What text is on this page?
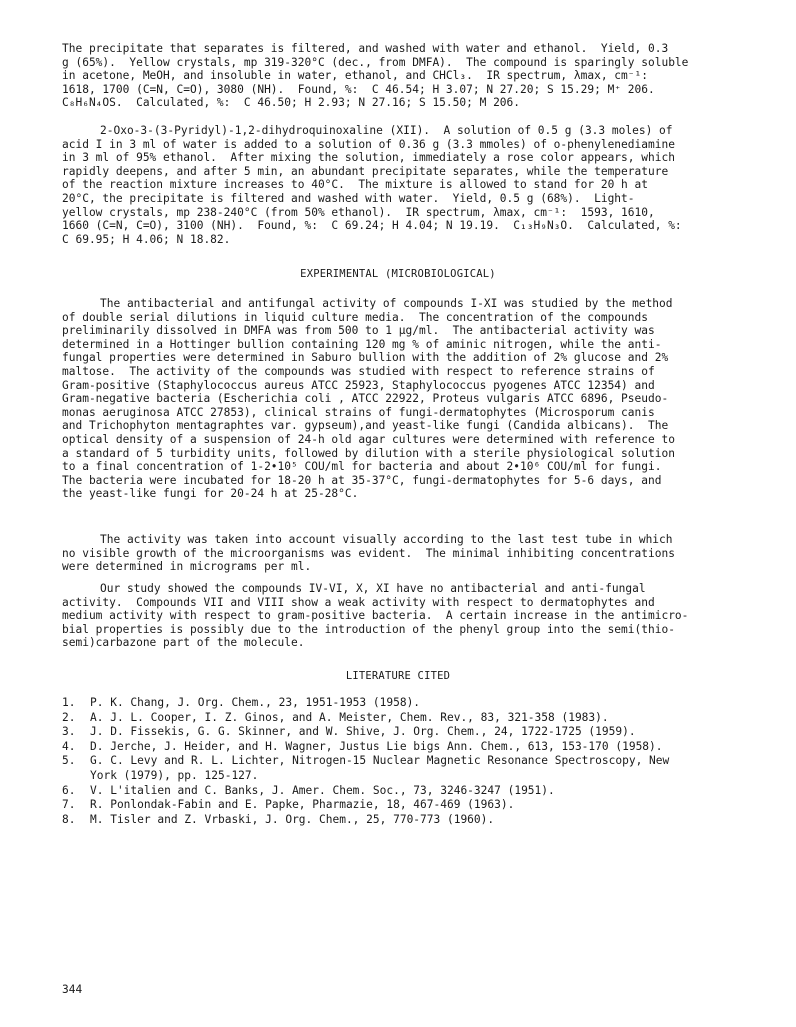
The precipitate that separates is filtered, and washed with water and ethanol.  Yield, 0.3
g (65%).  Yellow crystals, mp 319-320°C (dec., from DMFA).  The compound is sparingly soluble
in acetone, MeOH, and insoluble in water, ethanol, and CHCl₃.  IR spectrum, λmax, cm⁻¹:
1618, 1700 (C=N, C=O), 3080 (NH).  Found, %:  C 46.54; H 3.07; N 27.20; S 15.29; M⁺ 206.
C₈H₆N₄OS.  Calculated, %:  C 46.50; H 2.93; N 27.16; S 15.50; M 206.
2-Oxo-3-(3-Pyridyl)-1,2-dihydroquinoxaline (XII).  A solution of 0.5 g (3.3 moles) of
acid I in 3 ml of water is added to a solution of 0.36 g (3.3 mmoles) of o-phenylenediamine
in 3 ml of 95% ethanol.  After mixing the solution, immediately a rose color appears, which
rapidly deepens, and after 5 min, an abundant precipitate separates, while the temperature
of the reaction mixture increases to 40°C.  The mixture is allowed to stand for 20 h at
20°C, the precipitate is filtered and washed with water.  Yield, 0.5 g (68%).  Light-
yellow crystals, mp 238-240°C (from 50% ethanol).  IR spectrum, λmax, cm⁻¹:  1593, 1610,
1660 (C=N, C=O), 3100 (NH).  Found, %:  C 69.24; H 4.04; N 19.19.  C₁₃H₉N₃O.  Calculated, %:
C 69.95; H 4.06; N 18.82.
EXPERIMENTAL (MICROBIOLOGICAL)
The antibacterial and antifungal activity of compounds I-XI was studied by the method
of double serial dilutions in liquid culture media.  The concentration of the compounds
preliminarily dissolved in DMFA was from 500 to 1 μg/ml.  The antibacterial activity was
determined in a Hottinger bullion containing 120 mg % of aminic nitrogen, while the anti-
fungal properties were determined in Saburo bullion with the addition of 2% glucose and 2%
maltose.  The activity of the compounds was studied with respect to reference strains of
Gram-positive (Staphylococcus aureus ATCC 25923, Staphylococcus pyogenes ATCC 12354) and
Gram-negative bacteria (Escherichia coli , ATCC 22922, Proteus vulgaris ATCC 6896, Pseudo-
monas aeruginosa ATCC 27853), clinical strains of fungi-dermatophytes (Microsporum canis
and Trichophyton mentagraphtes var. gypseum),and yeast-like fungi (Candida albicans).  The
optical density of a suspension of 24-h old agar cultures were determined with reference to
a standard of 5 turbidity units, followed by dilution with a sterile physiological solution
to a final concentration of 1-2•10⁵ COU/ml for bacteria and about 2•10⁶ COU/ml for fungi.
The bacteria were incubated for 18-20 h at 35-37°C, fungi-dermatophytes for 5-6 days, and
the yeast-like fungi for 20-24 h at 25-28°C.
The activity was taken into account visually according to the last test tube in which
no visible growth of the microorganisms was evident.  The minimal inhibiting concentrations
were determined in micrograms per ml.
Our study showed the compounds IV-VI, X, XI have no antibacterial and anti-fungal
activity.  Compounds VII and VIII show a weak activity with respect to dermatophytes and
medium activity with respect to gram-positive bacteria.  A certain increase in the antimicro-
bial properties is possibly due to the introduction of the phenyl group into the semi(thio-
semi)carbazone part of the molecule.
LITERATURE CITED
1. P. K. Chang, J. Org. Chem., 23, 1951-1953 (1958).
2. A. J. L. Cooper, I. Z. Ginos, and A. Meister, Chem. Rev., 83, 321-358 (1983).
3. J. D. Fissekis, G. G. Skinner, and W. Shive, J. Org. Chem., 24, 1722-1725 (1959).
4. D. Jerche, J. Heider, and H. Wagner, Justus Lie bigs Ann. Chem., 613, 153-170 (1958).
5. G. C. Levy and R. L. Lichter, Nitrogen-15 Nuclear Magnetic Resonance Spectroscopy, New
York (1979), pp. 125-127.
6. V. L'italien and C. Banks, J. Amer. Chem. Soc., 73, 3246-3247 (1951).
7. R. Ponlondak-Fabin and E. Papke, Pharmazie, 18, 467-469 (1963).
8. M. Tisler and Z. Vrbaski, J. Org. Chem., 25, 770-773 (1960).
344
